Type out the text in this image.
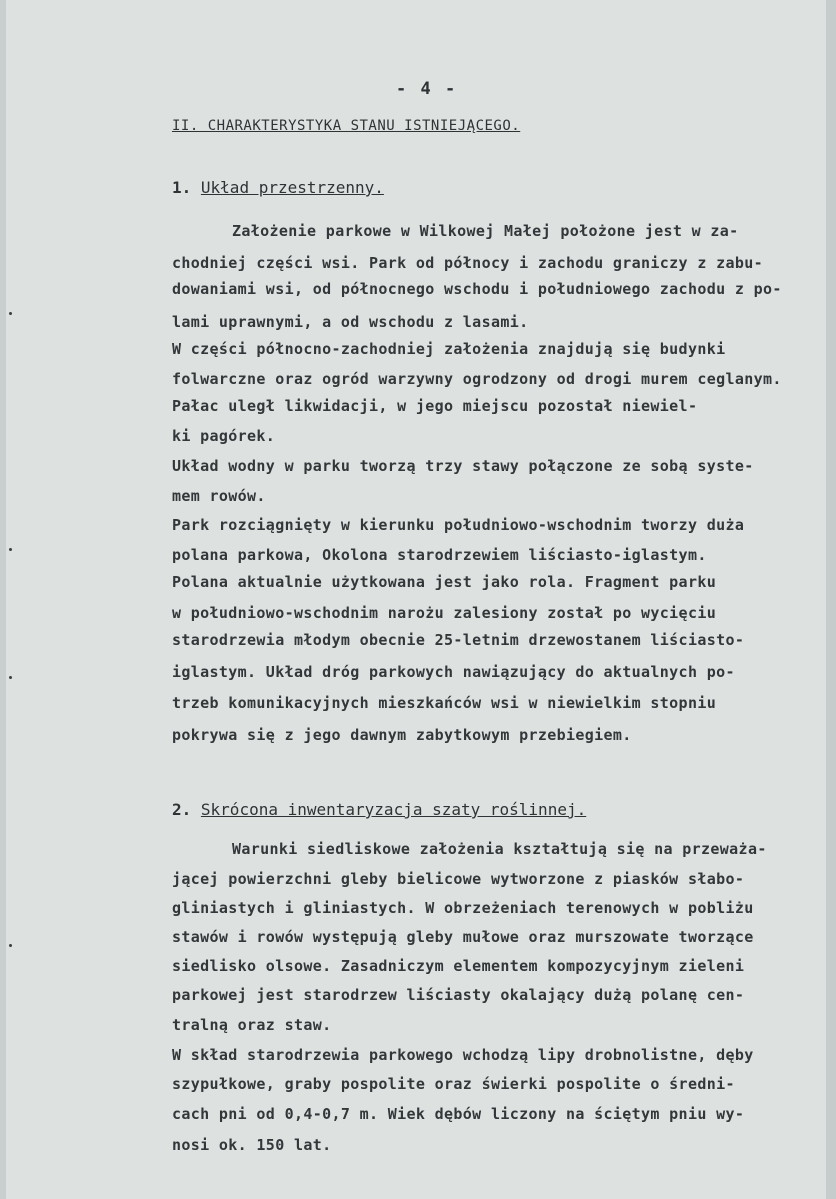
- 4 -
II. CHARAKTERYSTYKA STANU ISTNIEJĄCEGO.
1. Układ przestrzenny.
Założenie parkowe w Wilkowej Małej położone jest w za-
chodniej części wsi. Park od północy i zachodu graniczy z zabu-
dowaniami wsi, od północnego wschodu i południowego zachodu z po-
lami uprawnymi, a od wschodu z lasami.
W części północno-zachodniej założenia znajdują się budynki
folwarczne oraz ogród warzywny ogrodzony od drogi murem ceglanym.
Pałac uległ likwidacji, w jego miejscu pozostał niewiel-
ki pagórek.
Układ wodny w parku tworzą trzy stawy połączone ze sobą syste-
mem rowów.
Park rozciągnięty w kierunku południowo-wschodnim tworzy duża
polana parkowa, Okolona starodrzewiem liściasto-iglastym.
Polana aktualnie użytkowana jest jako rola. Fragment parku
w południowo-wschodnim narożu zalesiony został po wycięciu
starodrzewia młodym obecnie 25-letnim drzewostanem liściasto-
iglastym. Układ dróg parkowych nawiązujący do aktualnych po-
trzeb komunikacyjnych mieszkańców wsi w niewielkim stopniu
pokrywa się z jego dawnym zabytkowym przebiegiem.
2. Skrócona inwentaryzacja szaty roślinnej.
Warunki siedliskowe założenia kształtują się na przeważa-
jącej powierzchni gleby bielicowe wytworzone z piasków słabo-
gliniastych i gliniastych. W obrzeżeniach terenowych w pobliżu
stawów i rowów występują gleby mułowe oraz murszowate tworzące
siedlisko olsowe. Zasadniczym elementem kompozycyjnym zieleni
parkowej jest starodrzew liściasty okalający dużą polanę cen-
tralną oraz staw.
W skład starodrzewia parkowego wchodzą lipy drobnolistne, dęby
szypułkowe, graby pospolite oraz świerki pospolite o średni-
cach pni od 0,4-0,7 m. Wiek dębów liczony na ściętym pniu wy-
nosi ok. 150 lat.
